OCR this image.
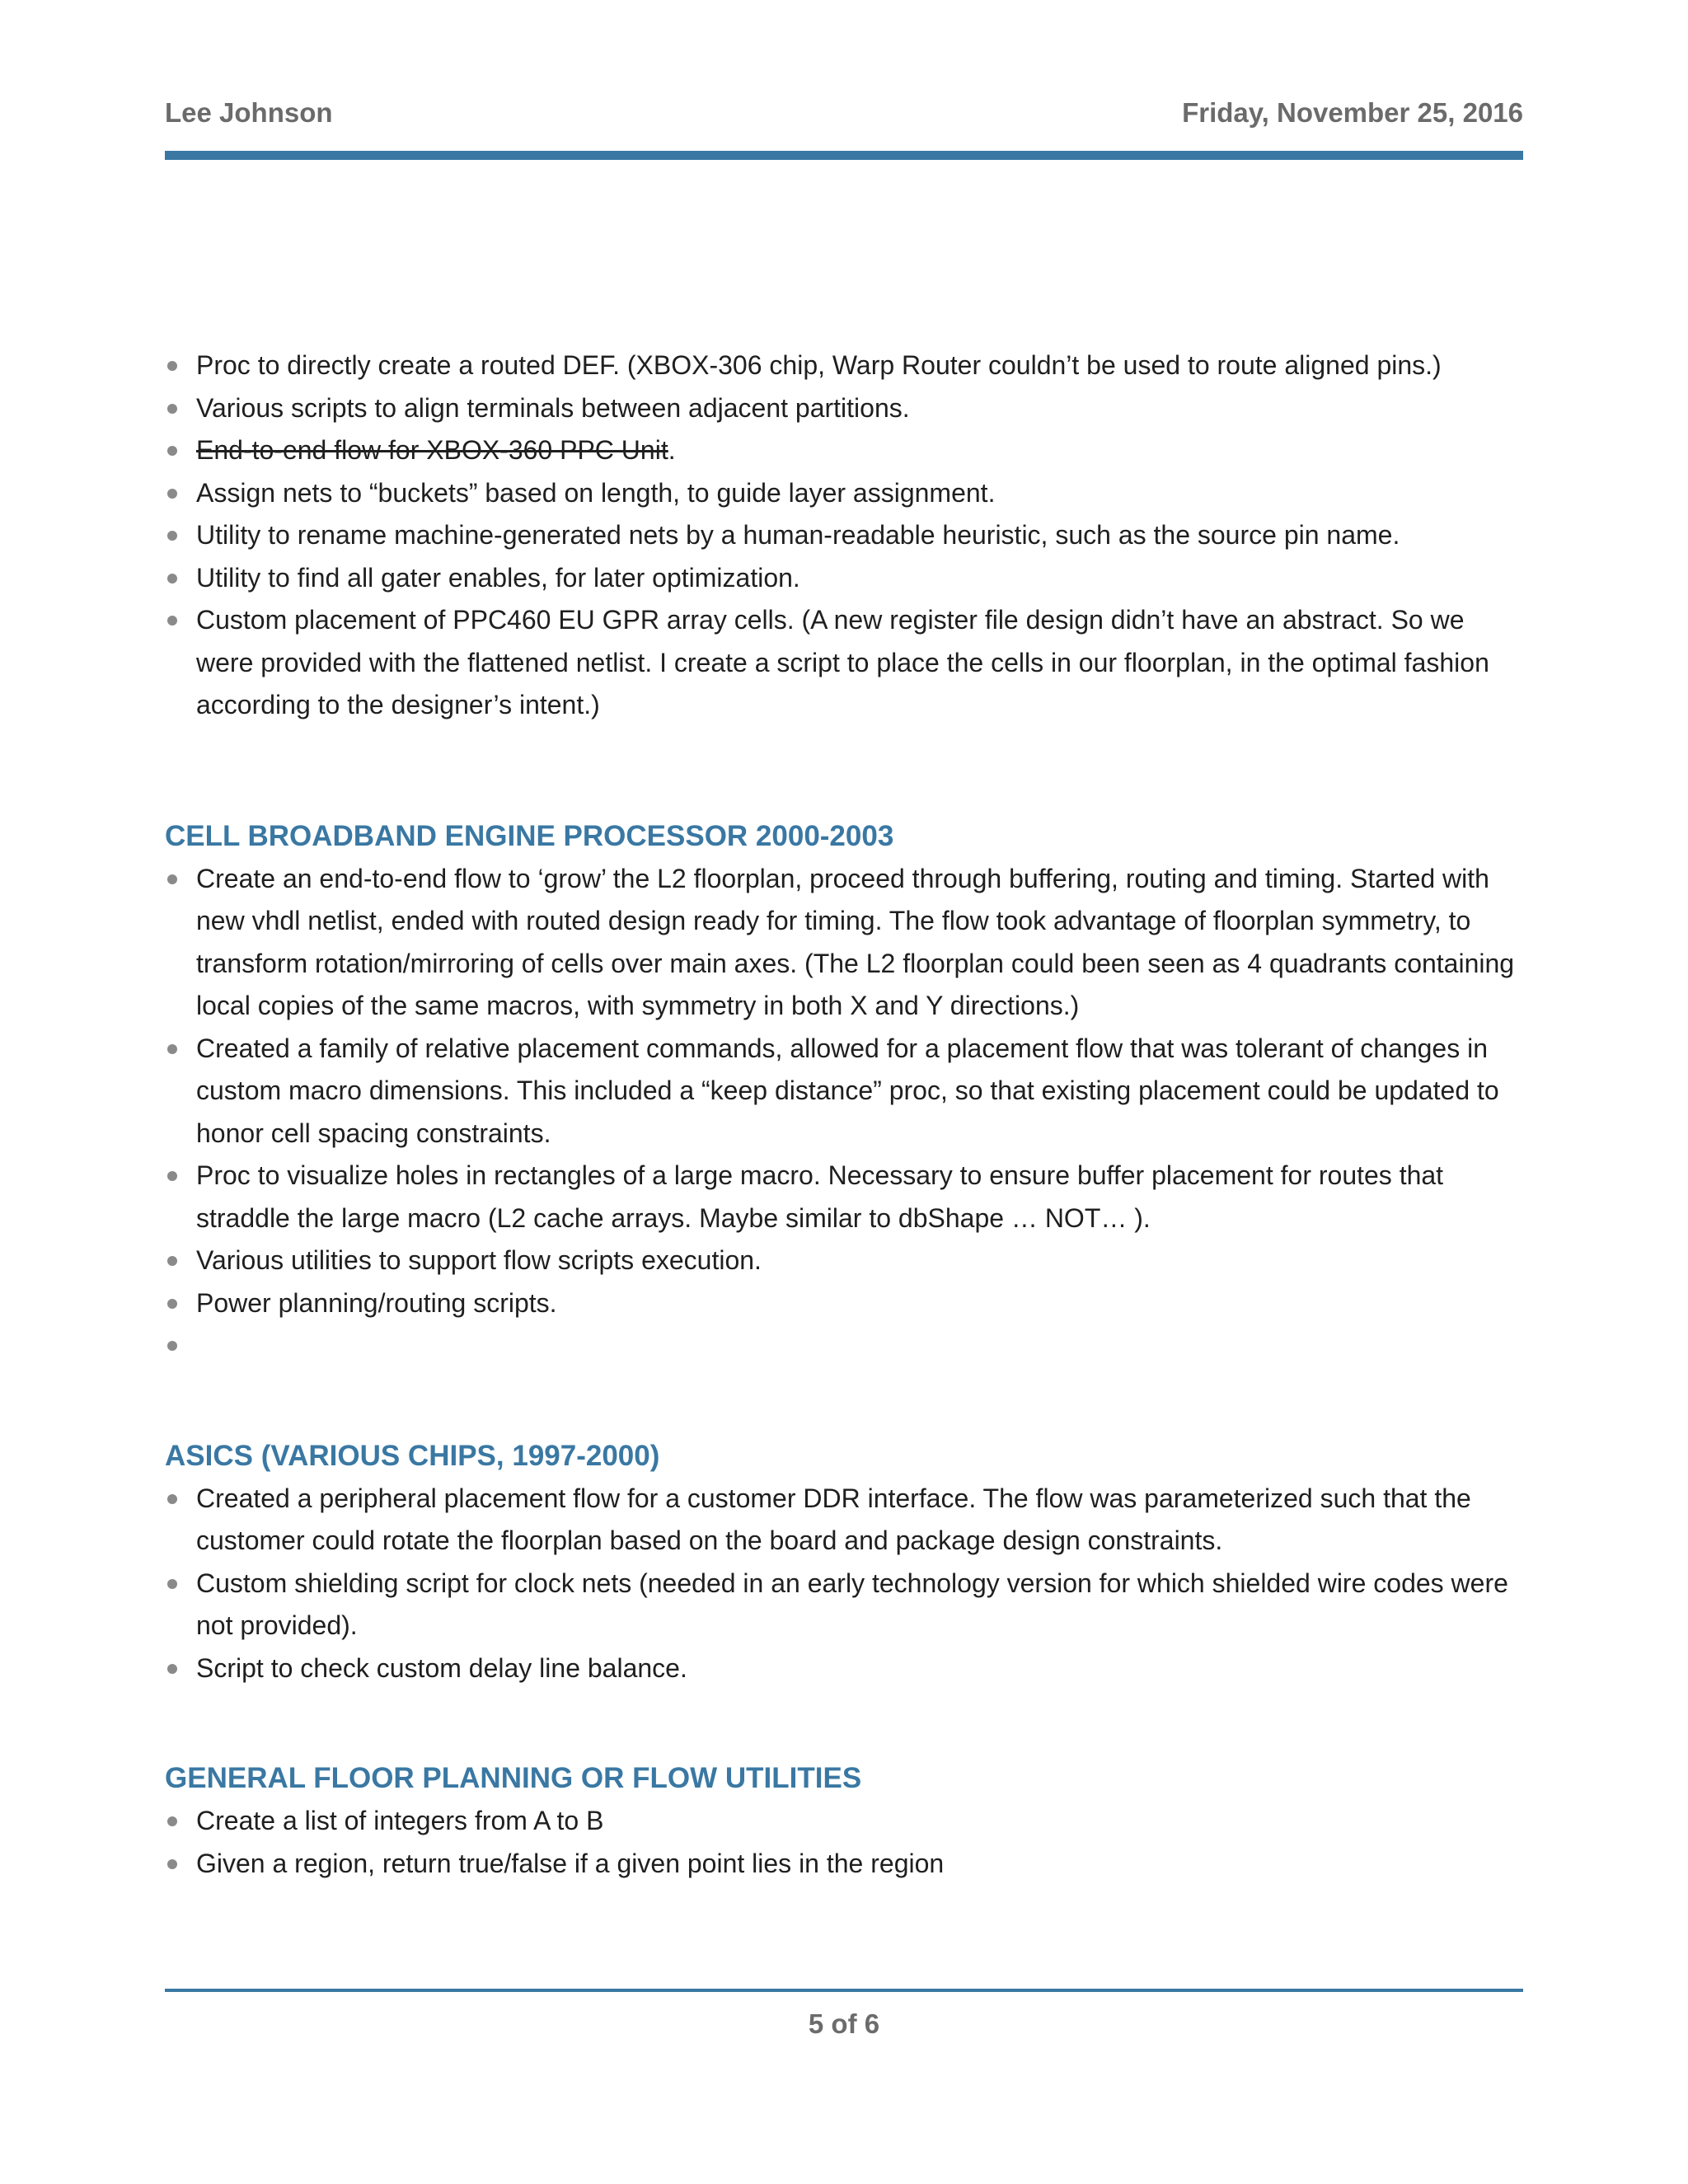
Lee Johnson	Friday, November 25, 2016
Proc to directly create a routed DEF. (XBOX-306 chip, Warp Router couldn’t be used to route aligned pins.)
Various scripts to align terminals between adjacent partitions.
End-to-end flow for XBOX-360 PPC Unit.
Assign nets to “buckets” based on length, to guide layer assignment.
Utility to rename machine-generated nets by a human-readable heuristic, such as the source pin name.
Utility to find all gater enables, for later optimization.
Custom placement of PPC460 EU GPR array cells. (A new register file design didn’t have an abstract. So we were provided with the flattened netlist. I create a script to place the cells in our floorplan, in the optimal fashion according to the designer’s intent.)
CELL BROADBAND ENGINE PROCESSOR 2000-2003
Create an end-to-end flow to ‘grow’ the L2 floorplan, proceed through buffering, routing and timing. Started with new vhdl netlist, ended with routed design ready for timing. The flow took advantage of floorplan symmetry, to transform rotation/mirroring of cells over main axes. (The L2 floorplan could been seen as 4 quadrants containing local copies of the same macros, with symmetry in both X and Y directions.)
Created a family of relative placement commands, allowed for a placement flow that was tolerant of changes in custom macro dimensions. This included a “keep distance” proc, so that existing placement could be updated to honor cell spacing constraints.
Proc to visualize holes in rectangles of a large macro. Necessary to ensure buffer placement for routes that straddle the large macro (L2 cache arrays. Maybe similar to dbShape … NOT… ).
Various utilities to support flow scripts execution.
Power planning/routing scripts.
ASICS (VARIOUS CHIPS, 1997-2000)
Created a peripheral placement flow for a customer DDR interface. The flow was parameterized such that the customer could rotate the floorplan based on the board and package design constraints.
Custom shielding script for clock nets (needed in an early technology version for which shielded wire codes were not provided).
Script to check custom delay line balance.
GENERAL FLOOR PLANNING OR FLOW UTILITIES
Create a list of integers from A to B
Given a region, return true/false if a given point lies in the region
5 of 6
